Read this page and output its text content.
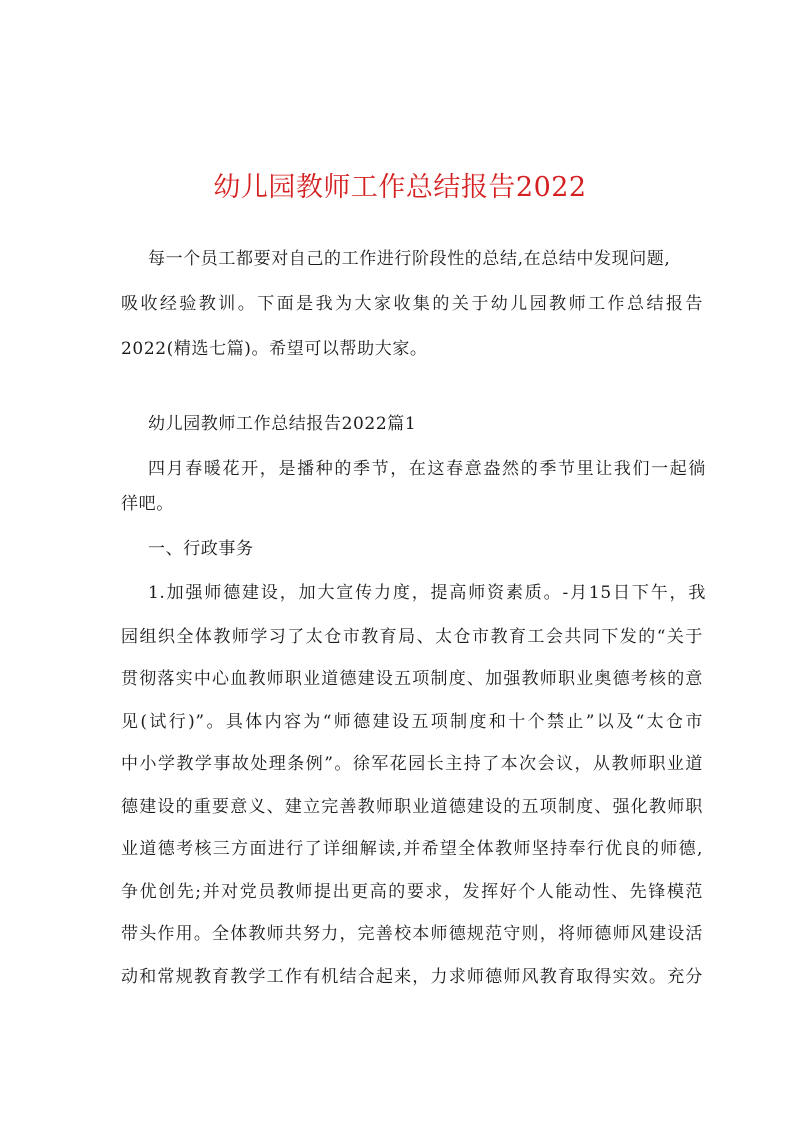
幼儿园教师工作总结报告2022
每一个员工都要对自己的工作进行阶段性的总结,在总结中发现问题,
吸收经验教训。下面是我为大家收集的关于幼儿园教师工作总结报告
2022(精选七篇)。希望可以帮助大家。
幼儿园教师工作总结报告2022篇1
四月春暖花开，是播种的季节，在这春意盎然的季节里让我们一起徜
徉吧。
一、行政事务
1.加强师德建设，加大宣传力度，提高师资素质。-月15日下午，我
园组织全体教师学习了太仓市教育局、太仓市教育工会共同下发的“关于
贯彻落实中心血教师职业道德建设五项制度、加强教师职业奥德考核的意
见(试行)”。具体内容为“师德建设五项制度和十个禁止”以及“太仓市
中小学教学事故处理条例”。徐军花园长主持了本次会议，从教师职业道
德建设的重要意义、建立完善教师职业道德建设的五项制度、强化教师职
业道德考核三方面进行了详细解读,并希望全体教师坚持奉行优良的师德,
争优创先;并对党员教师提出更高的要求，发挥好个人能动性、先锋模范
带头作用。全体教师共努力，完善校本师德规范守则，将师德师风建设活
动和常规教育教学工作有机结合起来，力求师德师风教育取得实效。充分
